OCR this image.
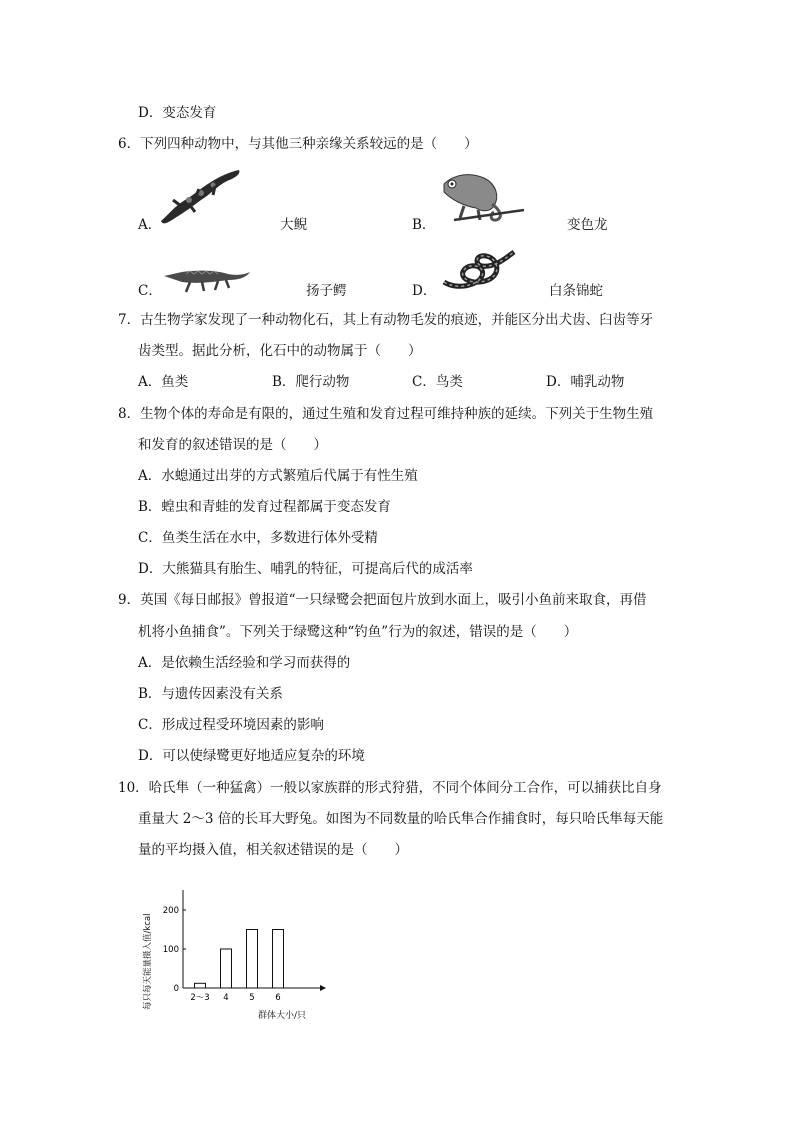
D．变态发育
6．下列四种动物中，与其他三种亲缘关系较远的是（　　）
A．	大鲵	B．	变色龙
C．	扬子鳄	D．	白条锦蛇
7．古生物学家发现了一种动物化石，其上有动物毛发的痕迹，并能区分出犬齿、臼齿等牙
齿类型。据此分析，化石中的动物属于（　　）
A．鱼类	B．爬行动物	C．鸟类	D．哺乳动物
8．生物个体的寿命是有限的，通过生殖和发育过程可维持种族的延续。下列关于生物生殖
和发育的叙述错误的是（　　）
A．水螅通过出芽的方式繁殖后代属于有性生殖
B．蝗虫和青蛙的发育过程都属于变态发育
C．鱼类生活在水中，多数进行体外受精
D．大熊猫具有胎生、哺乳的特征，可提高后代的成活率
9．英国《每日邮报》曾报道“一只绿鹭会把面包片放到水面上，吸引小鱼前来取食，再借
机将小鱼捕食”。下列关于绿鹭这种“钓鱼”行为的叙述，错误的是（　　）
A．是依赖生活经验和学习而获得的
B．与遗传因素没有关系
C．形成过程受环境因素的影响
D．可以使绿鹭更好地适应复杂的环境
10．哈氏隼（一种猛禽）一般以家族群的形式狩猎，不同个体间分工合作，可以捕获比自身
重量大 2～3 倍的长耳大野兔。如图为不同数量的哈氏隼合作捕食时，每只哈氏隼每天能
量的平均摄入值，相关叙述错误的是（　　）
每只每天能量摄入值/kcal 0
100
200
2～3 4 5 6
群体大小/只
